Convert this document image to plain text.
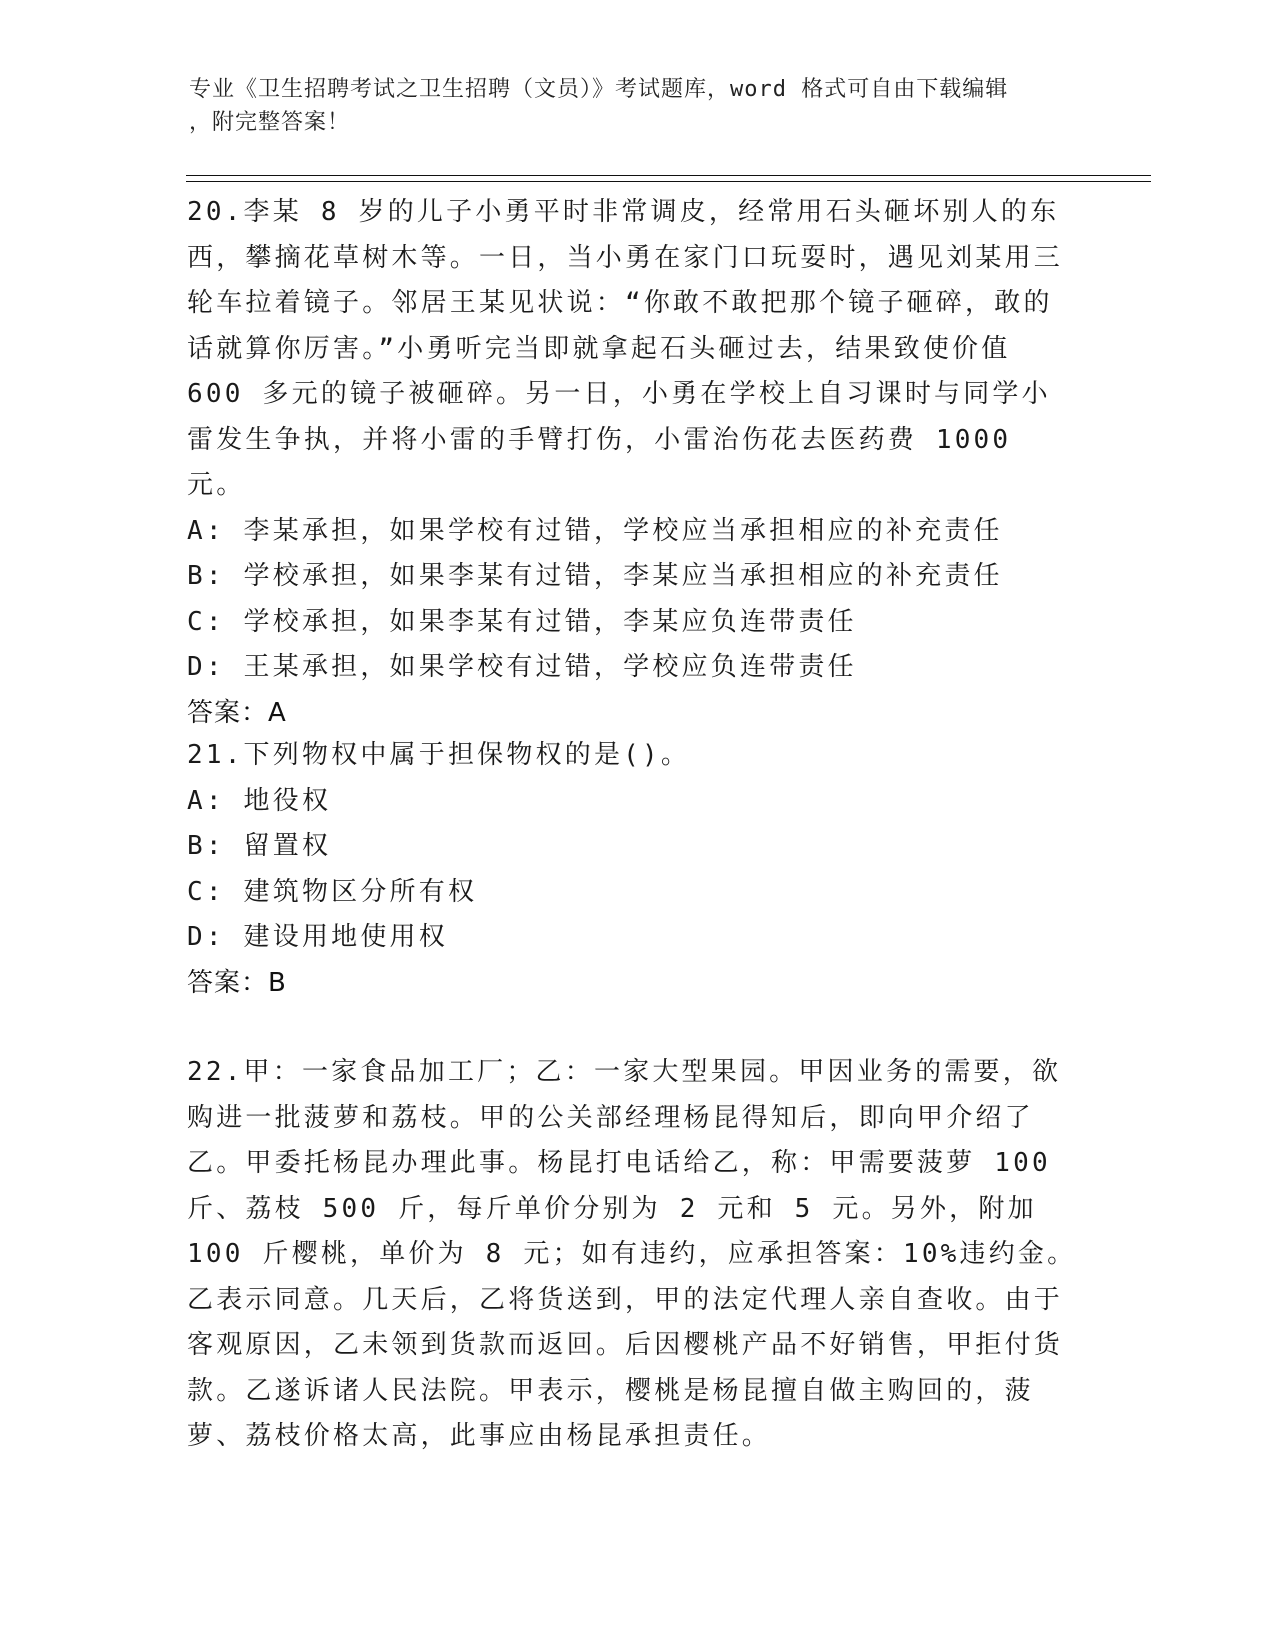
专业《卫生招聘考试之卫生招聘（文员）》考试题库，word 格式可自由下载编辑
，附完整答案！
20.李某 8 岁的儿子小勇平时非常调皮，经常用石头砸坏别人的东西，攀摘花草树木等。一日，当小勇在家门口玩耍时，遇见刘某用三轮车拉着镜子。邻居王某见状说：“你敢不敢把那个镜子砸碎，敢的话就算你厉害。”小勇听完当即就拿起石头砸过去，结果致使价值 600 多元的镜子被砸碎。另一日，小勇在学校上自习课时与同学小雷发生争执，并将小雷的手臂打伤，小雷治伤花去医药费 1000 元。
A: 李某承担，如果学校有过错，学校应当承担相应的补充责任
B: 学校承担，如果李某有过错，李某应当承担相应的补充责任
C: 学校承担，如果李某有过错，李某应负连带责任
D: 王某承担，如果学校有过错，学校应负连带责任
答案：A
21.下列物权中属于担保物权的是()。
A: 地役权
B: 留置权
C: 建筑物区分所有权
D: 建设用地使用权
答案：B
22.甲：一家食品加工厂；乙：一家大型果园。甲因业务的需要，欲购进一批菠萝和荔枝。甲的公关部经理杨昆得知后，即向甲介绍了乙。甲委托杨昆办理此事。杨昆打电话给乙，称：甲需要菠萝 100 斤、荔枝 500 斤，每斤单价分别为 2 元和 5 元。另外，附加 100 斤樱桃，单价为 8 元；如有违约，应承担答案：10%违约金。乙表示同意。几天后，乙将货送到，甲的法定代理人亲自查收。由于客观原因，乙未领到货款而返回。后因樱桃产品不好销售，甲拒付货款。乙遂诉诸人民法院。甲表示，樱桃是杨昆擅自做主购回的，菠萝、荔枝价格太高，此事应由杨昆承担责任。
